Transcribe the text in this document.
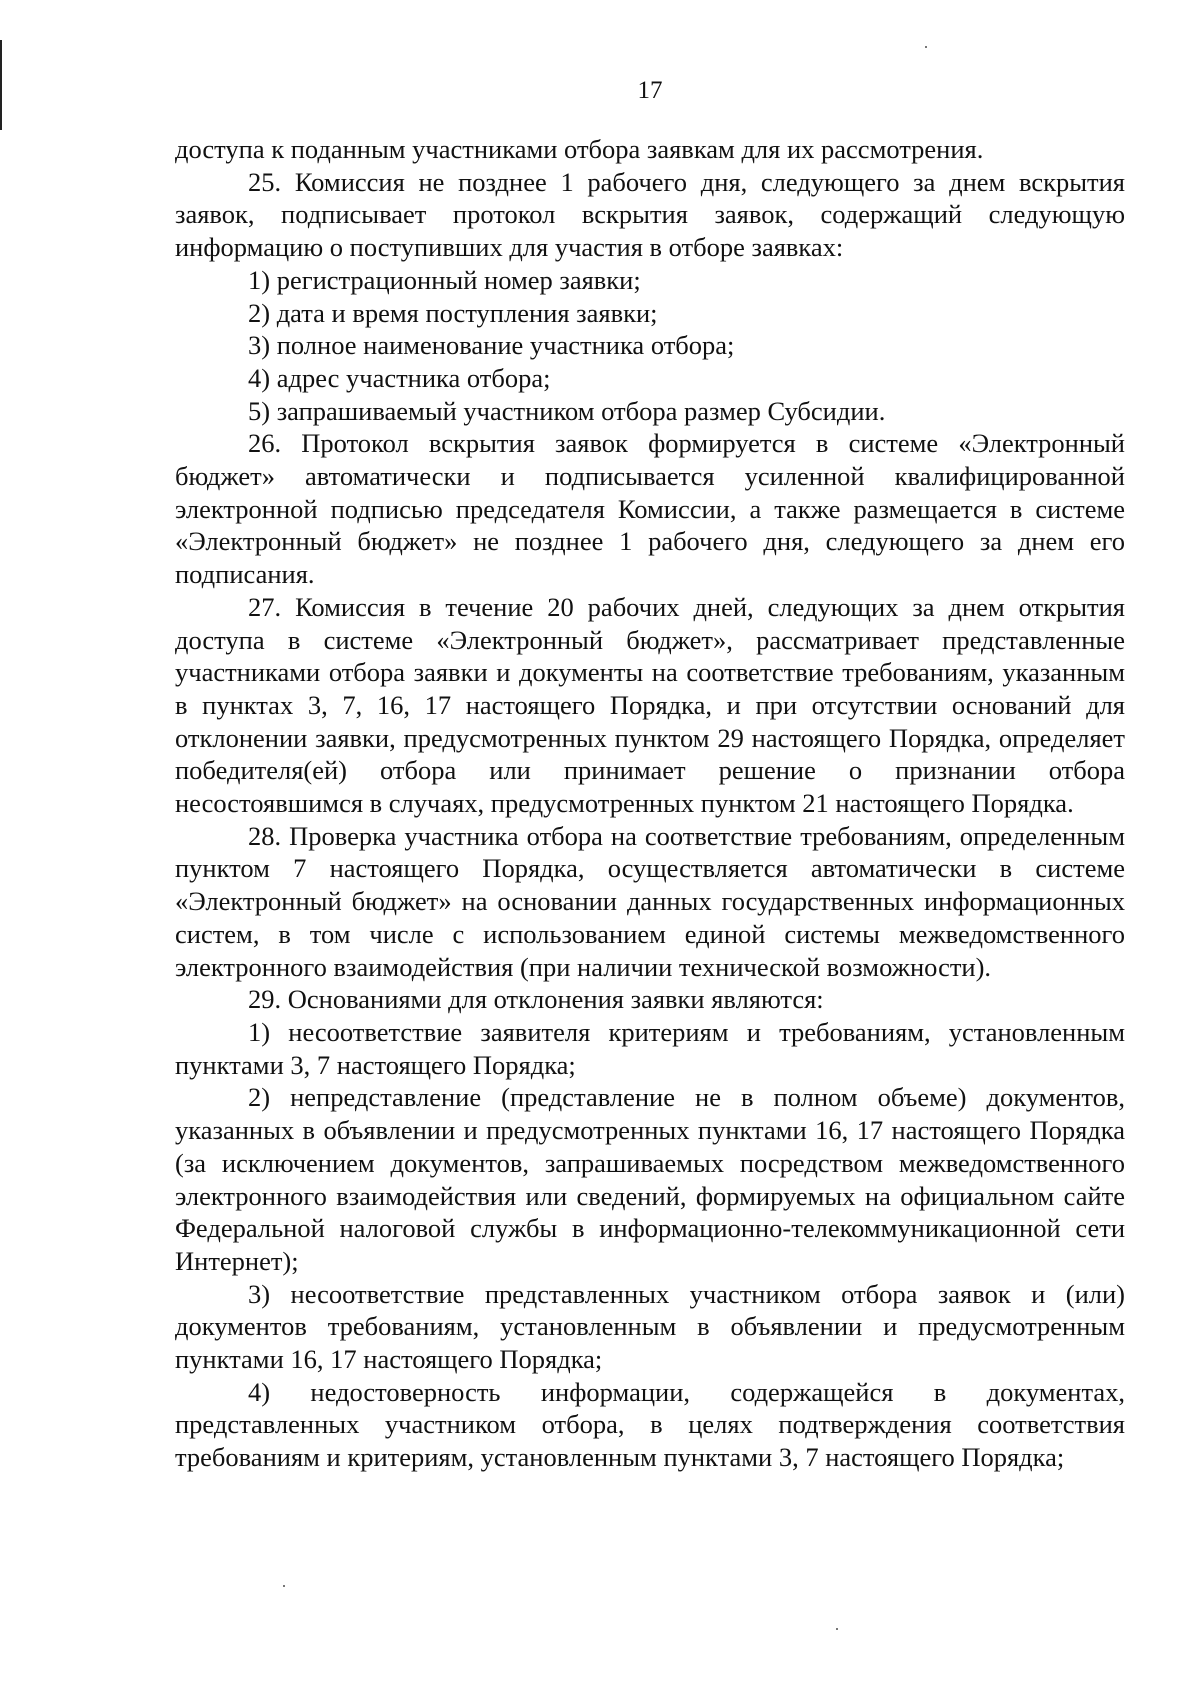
17

доступа к поданным участниками отбора заявкам для их рассмотрения.

25. Комиссия не позднее 1 рабочего дня, следующего за днем вскрытия заявок, подписывает протокол вскрытия заявок, содержащий следующую информацию о поступивших для участия в отборе заявках:

1) регистрационный номер заявки;

2) дата и время поступления заявки;

3) полное наименование участника отбора;

4) адрес участника отбора;

5) запрашиваемый участником отбора размер Субсидии.

26. Протокол вскрытия заявок формируется в системе «Электронный бюджет» автоматически и подписывается усиленной квалифицированной электронной подписью председателя Комиссии, а также размещается в системе «Электронный бюджет» не позднее 1 рабочего дня, следующего за днем его подписания.

27. Комиссия в течение 20 рабочих дней, следующих за днем открытия доступа в системе «Электронный бюджет», рассматривает представленные участниками отбора заявки и документы на соответствие требованиям, указанным в пунктах 3, 7, 16, 17 настоящего Порядка, и при отсутствии оснований для отклонении заявки, предусмотренных пунктом 29 настоящего Порядка, определяет победителя(ей) отбора или принимает решение о признании отбора несостоявшимся в случаях, предусмотренных пунктом 21 настоящего Порядка.

28. Проверка участника отбора на соответствие требованиям, определенным пунктом 7 настоящего Порядка, осуществляется автоматически в системе «Электронный бюджет» на основании данных государственных информационных систем, в том числе с использованием единой системы межведомственного электронного взаимодействия (при наличии технической возможности).

29. Основаниями для отклонения заявки являются:

1) несоответствие заявителя критериям и требованиям, установленным пунктами 3, 7 настоящего Порядка;

2) непредставление (представление не в полном объеме) документов, указанных в объявлении и предусмотренных пунктами 16, 17 настоящего Порядка (за исключением документов, запрашиваемых посредством межведомственного электронного взаимодействия или сведений, формируемых на официальном сайте Федеральной налоговой службы в информационно-телекоммуникационной сети Интернет);

3) несоответствие представленных участником отбора заявок и (или) документов требованиям, установленным в объявлении и предусмотренным пунктами 16, 17 настоящего Порядка;

4) недостоверность информации, содержащейся в документах, представленных участником отбора, в целях подтверждения соответствия требованиям и критериям, установленным пунктами 3, 7 настоящего Порядка;
